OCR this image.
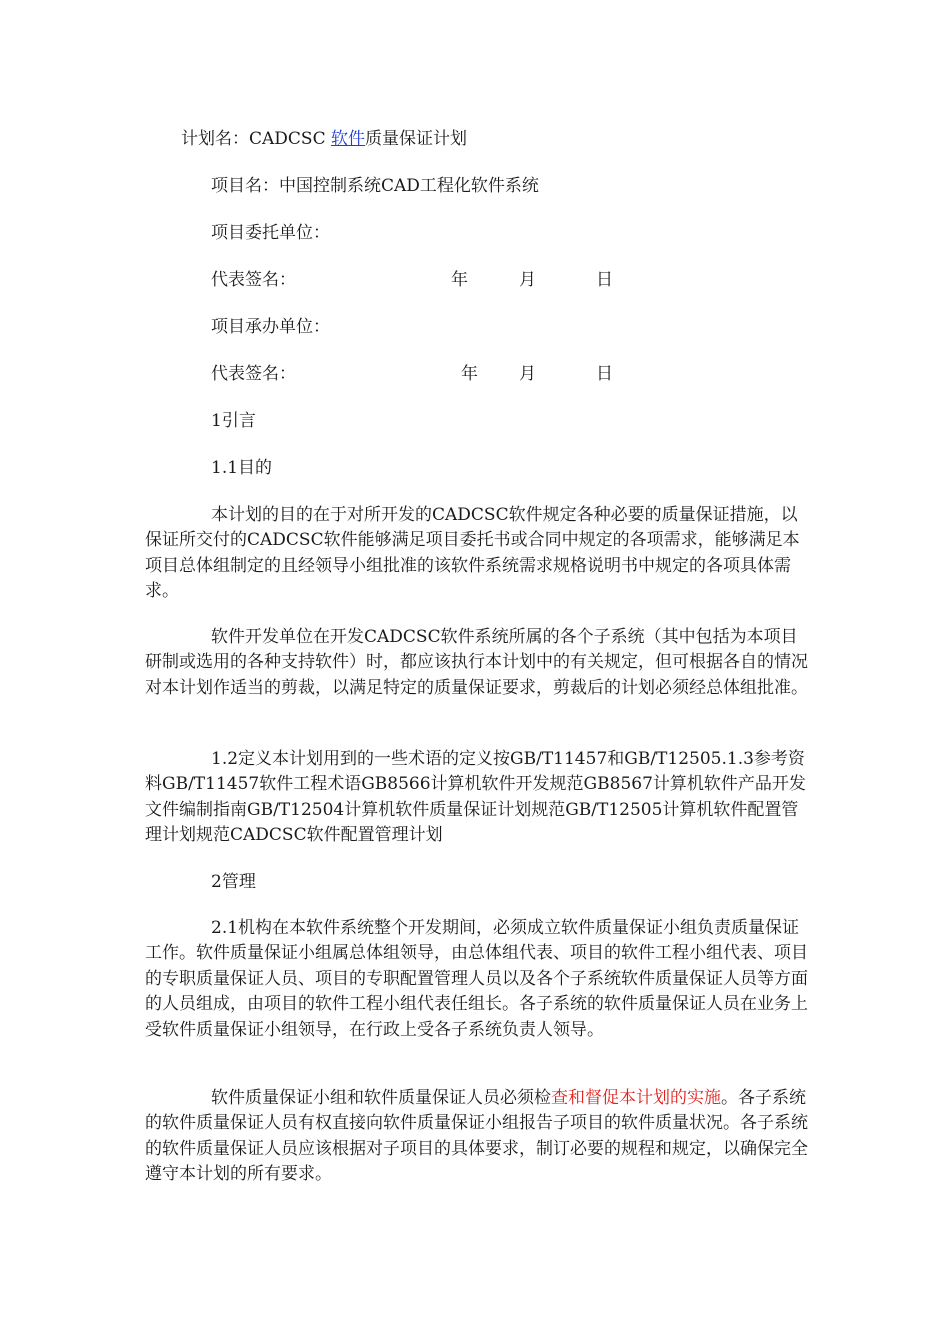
计划名：CADCSC 软件质量保证计划
项目名：中国控制系统CAD工程化软件系统
项目委托单位：
代表签名：	年	月	日
项目承办单位：
代表签名：	年 月	日
1引言
1.1目的
本计划的目的在于对所开发的CADCSC软件规定各种必要的质量保证措施，以保证所交付的CADCSC软件能够满足项目委托书或合同中规定的各项需求，能够满足本项目总体组制定的且经领导小组批准的该软件系统需求规格说明书中规定的各项具体需求。
软件开发单位在开发CADCSC软件系统所属的各个子系统（其中包括为本项目研制或选用的各种支持软件）时，都应该执行本计划中的有关规定，但可根据各自的情况对本计划作适当的剪裁，以满足特定的质量保证要求，剪裁后的计划必须经总体组批准。
1.2定义本计划用到的一些术语的定义按GB/T11457和GB/T12505.1.3参考资料GB/T11457软件工程术语GB8566计算机软件开发规范GB8567计算机软件产品开发文件编制指南GB/T12504计算机软件质量保证计划规范GB/T12505计算机软件配置管理计划规范CADCSC软件配置管理计划
2管理
2.1机构在本软件系统整个开发期间，必须成立软件质量保证小组负责质量保证工作。软件质量保证小组属总体组领导，由总体组代表、项目的软件工程小组代表、项目的专职质量保证人员、项目的专职配置管理人员以及各个子系统软件质量保证人员等方面的人员组成，由项目的软件工程小组代表任组长。各子系统的软件质量保证人员在业务上受软件质量保证小组领导，在行政上受各子系统负责人领导。
软件质量保证小组和软件质量保证人员必须检查和督促本计划的实施。各子系统的软件质量保证人员有权直接向软件质量保证小组报告子项目的软件质量状况。各子系统的软件质量保证人员应该根据对子项目的具体要求，制订必要的规程和规定，以确保完全遵守本计划的所有要求。
